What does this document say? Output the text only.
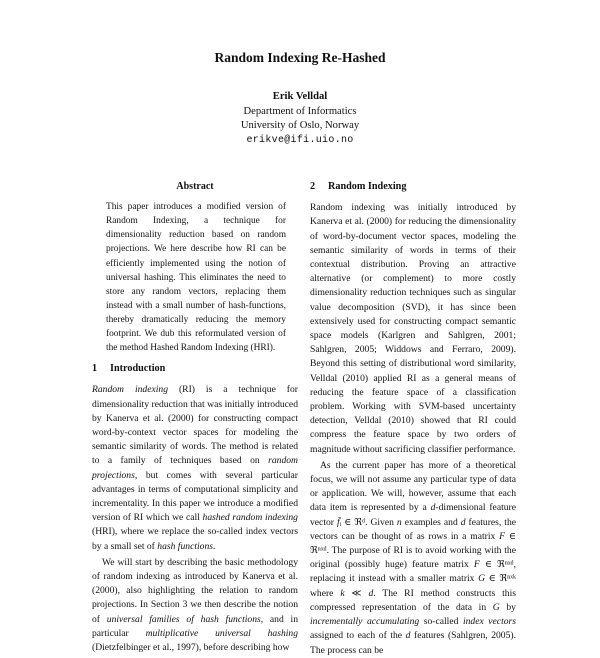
Random Indexing Re-Hashed
Erik Velldal
Department of Informatics
University of Oslo, Norway
erikve@ifi.uio.no
Abstract

This paper introduces a modified version of Random Indexing, a technique for dimensionality reduction based on random projections. We here describe how RI can be efficiently implemented using the notion of universal hashing. This eliminates the need to store any random vectors, replacing them instead with a small number of hash-functions, thereby dramatically reducing the memory footprint. We dub this reformulated version of the method Hashed Random Indexing (HRI).

1 Introduction

Random indexing (RI) is a technique for dimensionality reduction that was initially introduced by Kanerva et al. (2000) for constructing compact word-by-context vector spaces for modeling the semantic similarity of words. The method is related to a family of techniques based on random projections, but comes with several particular advantages in terms of computational simplicity and incrementality. In this paper we introduce a modified version of RI which we call hashed random indexing (HRI), where we replace the so-called index vectors by a small set of hash functions.

We will start by describing the basic methodology of random indexing as introduced by Kanerva et al. (2000), also highlighting the relation to random projections. In Section 3 we then describe the notion of universal families of hash functions, and in particular multiplicative universal hashing (Dietzfelbinger et al., 1997), before describing how

2 Random Indexing

Random indexing was initially introduced by Kanerva et al. (2000) for reducing the dimensionality of word-by-document vector spaces, modeling the semantic similarity of words in terms of their contextual distribution. Proving an attractive alternative (or complement) to more costly dimensionality reduction techniques such as singular value decomposition (SVD), it has since been extensively used for constructing compact semantic space models (Karlgren and Sahlgren, 2001; Sahlgren, 2005; Widdows and Ferraro, 2009). Beyond this setting of distributional word similarity, Velldal (2010) applied RI as a general means of reducing the feature space of a classification problem. Working with SVM-based uncertainty detection, Velldal (2010) showed that RI could compress the feature space by two orders of magnitude without sacrificing classifier performance.

As the current paper has more of a theoretical focus, we will not assume any particular type of data or application. We will, however, assume that each data item is represented by a d-dimensional feature vector f̄ᵢ ∈ ℜᵈ. Given n examples and d features, the vectors can be thought of as rows in a matrix F ∈ ℜⁿˣᵈ. The purpose of RI is to avoid working with the original (possibly huge) feature matrix F ∈ ℜⁿˣᵈ, replacing it instead with a smaller matrix G ∈ ℜⁿˣᵏ where k ≪ d. The RI method constructs this compressed representation of the data in G by incrementally accumulating so-called index vectors assigned to each of the d features (Sahlgren, 2005). The process can be
